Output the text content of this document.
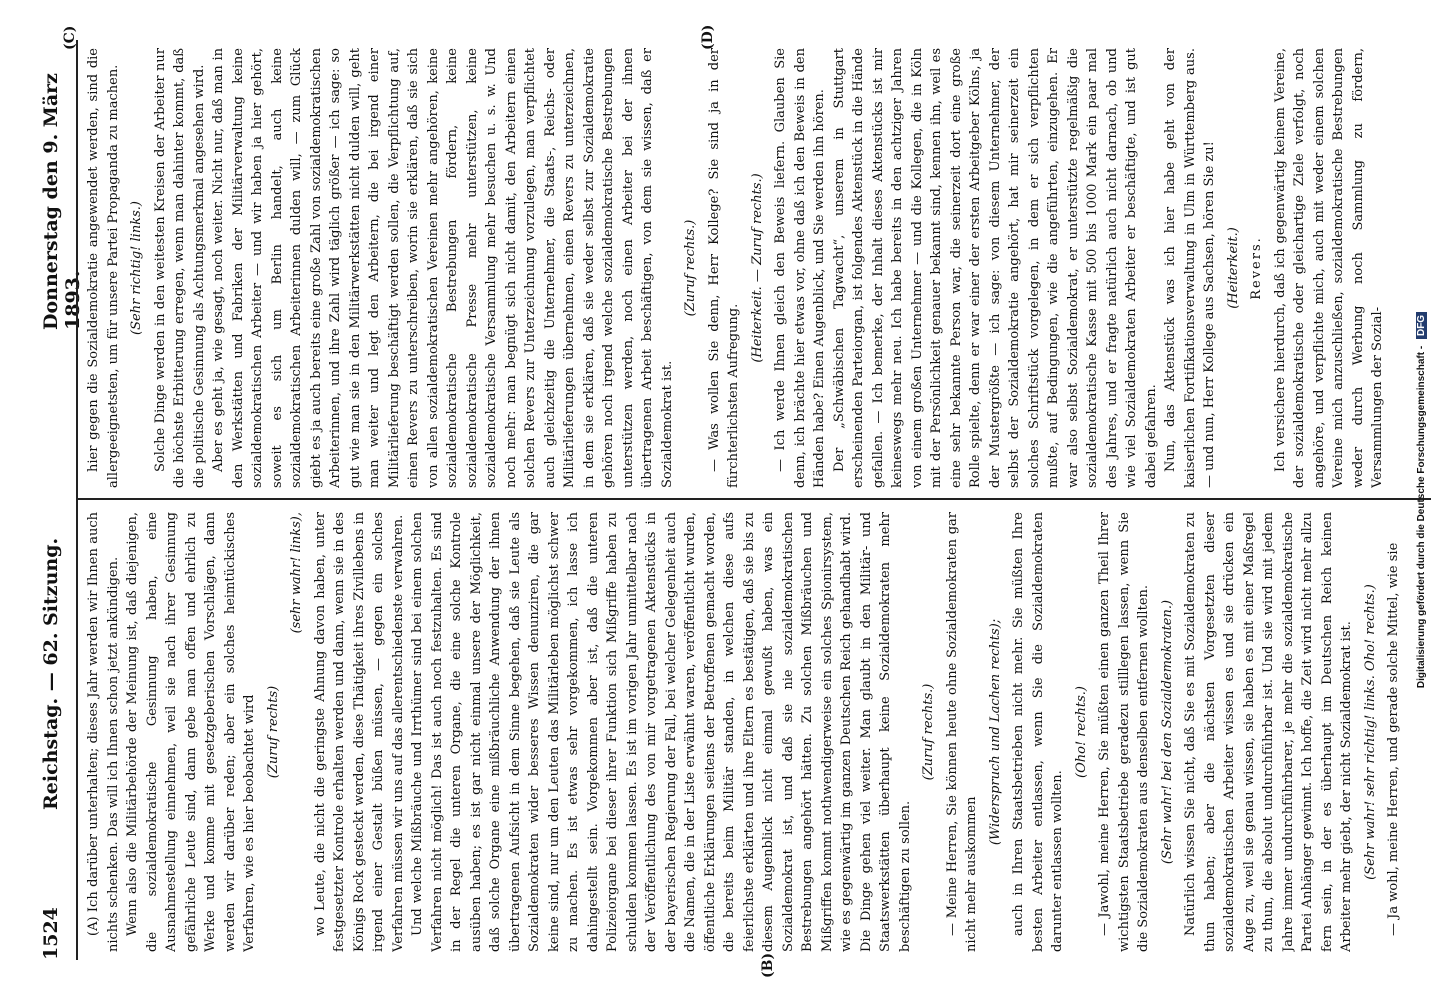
1524
Reichstag. — 62. Sitzung.
Donnerstag den 9. März 1893.

(A) Ich darüber unterhalten; dieses Jahr werden wir Ihnen auch nichts schenken. Das will ich Ihnen schon jetzt ankündigen. Wenn also die Militärbehörde der Meinung ist, daß diejenigen, die sozialdemokratische Gesinnung haben, eine Ausnahmestellung einnehmen, weil sie nach ihrer Gesinnung gefährliche Leute sind, dann gebe man offen und ehrlich zu Werke und komme mit gesetzgeberischen Vorschlägen, dann werden wir darüber reden; aber ein solches heimtückisches Verfahren, wie es hier beobachtet wird (Zuruf rechts)

(sehr wahr! links), wo Leute, die nicht die geringste Ahnung davon haben, unter festgesetzter Kontrole erhalten werden und dann, wenn sie in des Königs Rock gesteckt werden, diese Thätigkeit ihres Zivillebens in irgend einer Gestalt büßen müssen, — gegen ein solches Verfahren müssen wir uns auf das allerentschiedenste verwahren. Und welche Mißbräuche und Irrthümer sind bei einem solchen Verfahren nicht möglich! Das ist auch noch festzuhalten. Es sind in der Regel die unteren Organe, die eine solche Kontrole ausüben haben; es ist gar nicht einmal unsere der Möglichkeit, daß solche Organe eine mißbräuchliche Anwendung der ihnen übertragenen Aufsicht in dem Sinne begehen, daß sie Leute als Sozialdemokraten wider besseres Wissen denunziren, die gar keine sind, nur um den Leuten das Militärleben möglichst schwer zu machen. Es ist etwas sehr vorgekommen, ich lasse ich dahingestellt sein. Vorgekommen aber ist, daß die unteren Polizeiorgane bei dieser ihrer Funktion sich Mißgriffe haben zu schulden kommen lassen. Es ist im vorigen Jahr unmittelbar nach der Veröffentlichung des von mir vorgetragenen Aktenstücks in der bayerischen Regierung der Fall, bei welcher Gelegenheit auch die Namen, die in der Liste erwähnt waren, veröffentlicht wurden, öffentliche Erklärungen seitens der Betroffenen gemacht worden, die bereits beim Militär standen, in welchen diese aufs feierlichste erklärten und ihre Eltern es bestätigen, daß sie bis zu diesem Augenblick nicht einmal gewußt haben, was ein Sozialdemokrat ist, und daß sie nie sozialdemokratischen Bestrebungen angehört hätten. Zu solchen Mißbräuchen und Mißgriffen kommt nothwendigerweise ein solches Spionirsystem, wie es gegenwärtig im ganzen Deutschen Reich gehandhabt wird. Die Dinge gehen viel weiter. Man glaubt in den Militär- und Staatswerkstätten überhaupt keine Sozialdemokraten mehr beschäftigen zu sollen.

(Zuruf rechts.) — Meine Herren, Sie können heute ohne Sozialdemokraten gar nicht mehr auskommen

(Widerspruch und Lachen rechts); auch in Ihren Staatsbetrieben nicht mehr. Sie müßten Ihre besten Arbeiter entlassen, wenn Sie die Sozialdemokraten darunter entlassen wollten.

(Oho! rechts.) — Jawohl, meine Herren, Sie müßten einen ganzen Theil Ihrer wichtigsten Staatsbetriebe geradezu stilllegen lassen, wenn Sie die Sozialdemokraten aus denselben entfernen wollten. (Sehr wahr! bei den Sozialdemokraten.) Natürlich wissen Sie nicht, daß Sie es mit Sozialdemokraten zu thun haben; aber die nächsten Vorgesetzten dieser sozialdemokratischen Arbeiter wissen es und sie drücken ein Auge zu, weil sie genau wissen, sie haben es mit einer Maßregel zu thun, die absolut undurchführbar ist. Und sie wird mit jedem Jahre immer undurchführbarer, je mehr die sozialdemokratische Partei Anhänger gewinnt. Ich hoffe, die Zeit wird nicht mehr allzu fern sein, in der es überhaupt im Deutschen Reich keinen Arbeiter mehr giebt, der nicht Sozialdemokrat ist. (Sehr wahr! sehr richtig! links. Oho! rechts.) — Ja wohl, meine Herren, und gerade solche Mittel, wie sie

hier gegen die Sozialdemokratie angewendet werden, sind die allergeeignetsten, um für unsere Partei Propaganda zu machen. (Sehr richtig! links.) Solche Dinge werden in den weitesten Kreisen der Arbeiter nur die höchste Erbitterung erregen, wenn man dahinter kommt, daß die politische Gesinnung als Achtungsmerkmal angesehen wird. Aber es geht ja, wie gesagt, noch weiter. Nicht nur, daß man in den Werkstätten und Fabriken der Militärverwaltung keine sozialdemokratischen Arbeiter — und wir haben ja hier gehört, soweit es sich um Berlin handelt, auch keine sozialdemokratischen Arbeiterinnen dulden will, — zum Glück giebt es ja auch bereits eine große Zahl von sozialdemokratischen Arbeiterinnen, und ihre Zahl wird täglich größer — ich sage: so gut wie man sie in den Militärwerkstätten nicht dulden will, geht man weiter und legt den Arbeitern, die bei irgend einer Militärlieferung beschäftigt werden sollen, die Verpflichtung auf, einen Revers zu unterschreiben, worin sie erklären, daß sie sich von allen sozialdemokratischen Vereinen mehr angehören, keine sozialdemokratische Bestrebungen fördern, keine sozialdemokratische Presse mehr unterstützen, keine sozialdemokratische Versammlung mehr besuchen u. s. w. Und noch mehr: man begnügt sich nicht damit, den Arbeitern einen solchen Revers zur Unterzeichnung vorzulegen, man verpflichtet auch gleichzeitig die Unternehmer, die Staats-, Reichs- oder Militärlieferungen übernehmen, einen Revers zu unterzeichnen, in dem sie erklären, daß sie weder selbst zur Sozialdemokratie gehören noch irgend welche sozialdemokratische Bestrebungen unterstützen werden, noch einen Arbeiter bei der ihnen übertragenen Arbeit beschäftigen, von dem sie wissen, daß er Sozialdemokrat ist.

(Zuruf rechts.) — Was wollen Sie denn, Herr Kollege? Sie sind ja in der fürchterlichsten Aufregung.

(Heiterkeit. — Zuruf rechts.) — Ich werde Ihnen gleich den Beweis liefern. Glauben Sie denn, ich brächte hier etwas vor, ohne daß ich den Beweis in den Händen habe? Einen Augenblick, und Sie werden ihn hören. Der „Schwäbischen Tagwacht“, unserem in Stuttgart erscheinenden Parteiorgan, ist folgendes Aktenstück in die Hände gefallen. — Ich bemerke, der Inhalt dieses Aktenstücks ist mir keineswegs mehr neu. Ich habe bereits in den achtziger Jahren von einem großen Unternehmer — und die Kollegen, die in Köln mit der Persönlichkeit genauer bekannt sind, kennen ihn, weil es eine sehr bekannte Person war, die seinerzeit dort eine große Rolle spielte, denn er war einer der ersten Arbeitgeber Kölns, ja der Mustergrößte — ich sage: von diesem Unternehmer, der selbst der Sozialdemokratie angehört, hat mir seinerzeit ein solches Schriftstück vorgelegen, in dem er sich verpflichten mußte, auf Bedingungen, wie die angeführten, einzugehen. Er war also selbst Sozialdemokrat, er unterstützte regelmäßig die sozialdemokratische Kasse mit 500 bis 1000 Mark ein paar mal des Jahres, und er fragte natürlich auch nicht darnach, ob und wie viel Sozialdemokraten Arbeiter er beschäftigte, und ist gut dabei gefahren. Nun, das Aktenstück was ich hier habe geht von der kaiserlichen Fortifikationsverwaltung in Ulm in Württemberg aus. — und nun, Herr Kollege aus Sachsen, hören Sie zu! (Heiterkeit.) Revers. Ich versichere hierdurch, daß ich gegenwärtig keinem Vereine, der sozialdemokratische oder gleichartige Ziele verfolgt, noch angehöre, und verpflichte mich, auch mit weder einem solchen Vereine mich anzuschließen, sozialdemokratische Bestrebungen weder durch Werbung noch Sammlung zu fördern, Versammlungen der Sozial-

(B)
(C)	(D)
Digitalisierung gefördert durch die Deutsche Forschungsgemeinschaft - DFG
